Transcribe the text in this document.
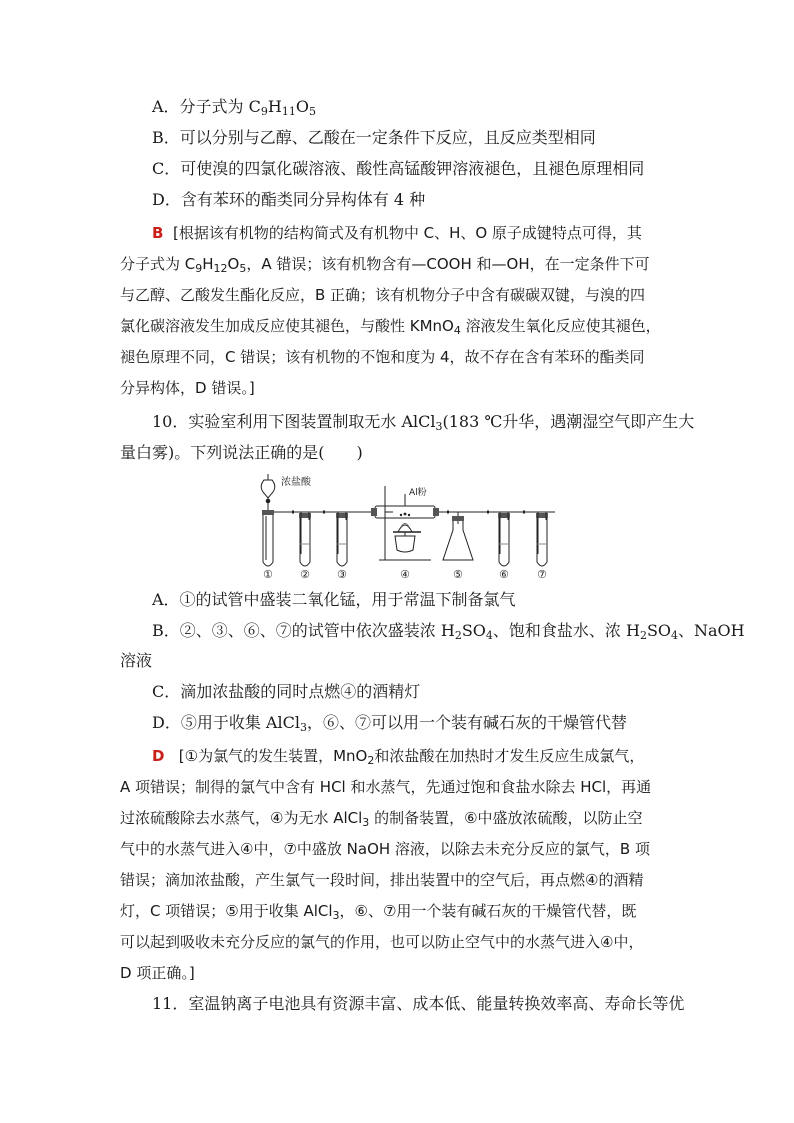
A．分子式为 $C_9H_{11}O_5$
B．可以分别与乙醇、乙酸在一定条件下反应，且反应类型相同
C．可使溴的四氯化碳溶液、酸性高锰酸钾溶液褪色，且褪色原理相同
D．含有苯环的酯类同分异构体有 4 种
B [根据该有机物的结构简式及有机物中 C、H、O 原子成键特点可得，其
分子式为 $C_9H_{12}O_5$，A 错误；该有机物含有—COOH 和—OH，在一定条件下可
与乙醇、乙酸发生酯化反应，B 正确；该有机物分子中含有碳碳双键，与溴的四
氯化碳溶液发生加成反应使其褪色，与酸性 KMnO$_4$ 溶液发生氧化反应使其褪色，
褪色原理不同，C 错误；该有机物的不饱和度为 4，故不存在含有苯环的酯类同
分异构体，D 错误。]
10．实验室利用下图装置制取无水 AlCl$_3$(183 ℃升华，遇潮湿空气即产生大
量白雾)。下列说法正确的是(　　)
浓盐酸
Al粉
① ② ③	④	⑤	⑥	⑦
A．①的试管中盛装二氧化锰，用于常温下制备氯气
B．②、③、⑥、⑦的试管中依次盛装浓 $H_2SO_4$、饱和食盐水、浓 $H_2SO_4$、NaOH
溶液
C．滴加浓盐酸的同时点燃④的酒精灯
D．⑤用于收集 AlCl$_3$，⑥、⑦可以用一个装有碱石灰的干燥管代替
D [①为氯气的发生装置，MnO$_2$和浓盐酸在加热时才发生反应生成氯气，
A 项错误；制得的氯气中含有 HCl 和水蒸气，先通过饱和食盐水除去 HCl，再通
过浓硫酸除去水蒸气，④为无水 AlCl$_3$ 的制备装置，⑥中盛放浓硫酸，以防止空
气中的水蒸气进入④中，⑦中盛放 NaOH 溶液，以除去未充分反应的氯气，B 项
错误；滴加浓盐酸，产生氯气一段时间，排出装置中的空气后，再点燃④的酒精
灯，C 项错误；⑤用于收集 AlCl$_3$，⑥、⑦用一个装有碱石灰的干燥管代替，既
可以起到吸收未充分反应的氯气的作用，也可以防止空气中的水蒸气进入④中，
D 项正确。]
11．室温钠离子电池具有资源丰富、成本低、能量转换效率高、寿命长等优
